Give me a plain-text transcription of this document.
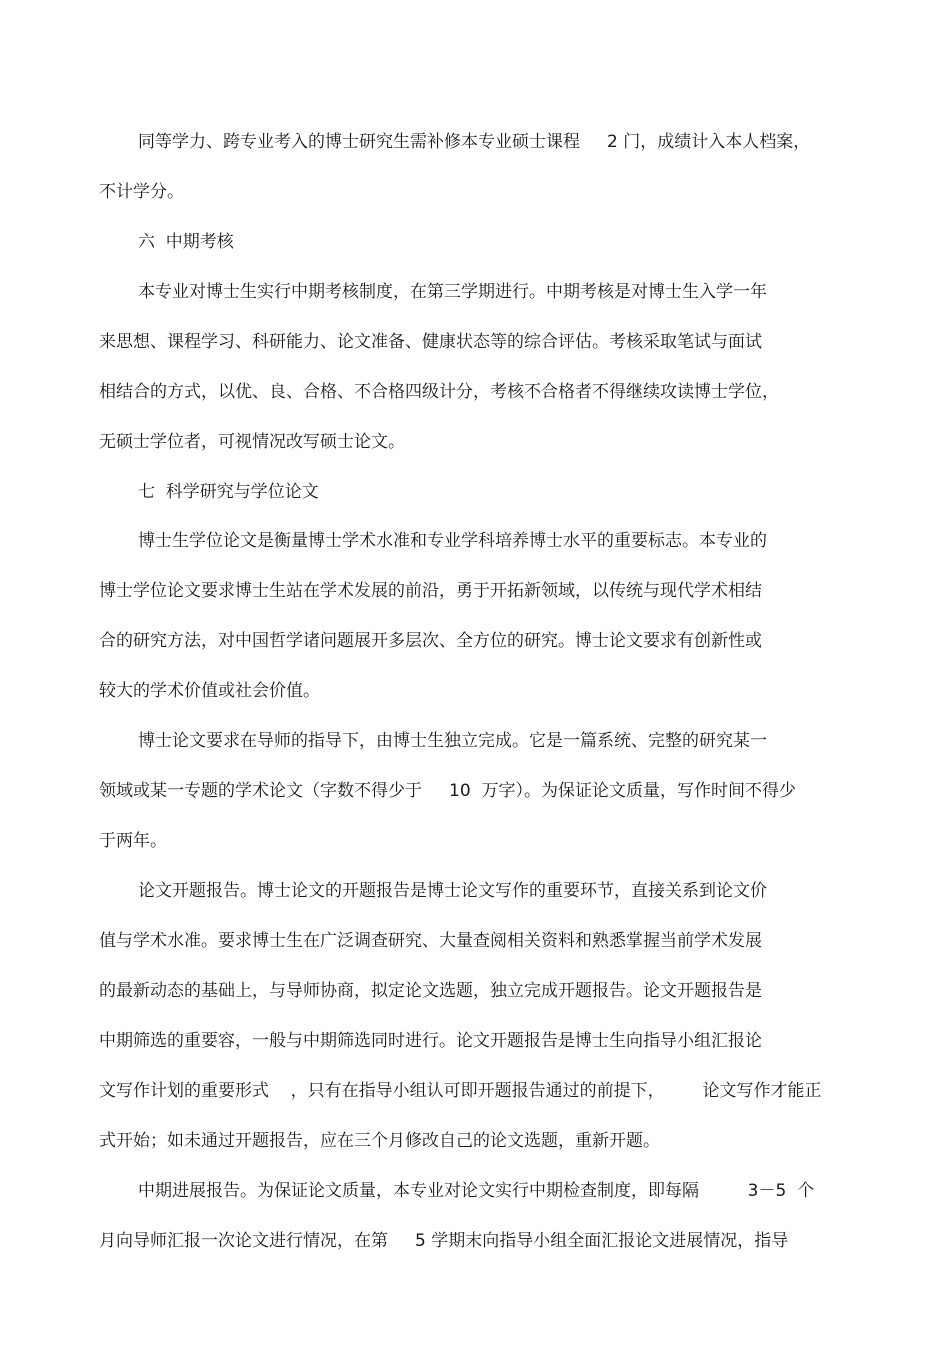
同等学力、跨专业考入的博士研究生需补修本专业硕士课程     2 门，成绩计入本人档案，

不计学分。

六  中期考核

本专业对博士生实行中期考核制度，在第三学期进行。中期考核是对博士生入学一年

来思想、课程学习、科研能力、论文准备、健康状态等的综合评估。考核采取笔试与面试

相结合的方式，以优、良、合格、不合格四级计分，考核不合格者不得继续攻读博士学位，

无硕士学位者，可视情况改写硕士论文。

七  科学研究与学位论文

博士生学位论文是衡量博士学术水准和专业学科培养博士水平的重要标志。本专业的

博士学位论文要求博士生站在学术发展的前沿，勇于开拓新领域，以传统与现代学术相结

合的研究方法，对中国哲学诸问题展开多层次、全方位的研究。博士论文要求有创新性或

较大的学术价值或社会价值。

博士论文要求在导师的指导下，由博士生独立完成。它是一篇系统、完整的研究某一

领域或某一专题的学术论文（字数不得少于     10  万字）。为保证论文质量，写作时间不得少

于两年。

论文开题报告。博士论文的开题报告是博士论文写作的重要环节，直接关系到论文价

值与学术水准。要求博士生在广泛调查研究、大量查阅相关资料和熟悉掌握当前学术发展

的最新动态的基础上，与导师协商，拟定论文选题，独立完成开题报告。论文开题报告是

中期筛选的重要容，一般与中期筛选同时进行。论文开题报告是博士生向指导小组汇报论

文写作计划的重要形式    ，只有在指导小组认可即开题报告通过的前提下，       论文写作才能正

式开始；如未通过开题报告，应在三个月修改自己的论文选题，重新开题。

中期进展报告。为保证论文质量，本专业对论文实行中期检查制度，即每隔         3－5  个

月向导师汇报一次论文进行情况，在第     5 学期末向指导小组全面汇报论文进展情况，指导
